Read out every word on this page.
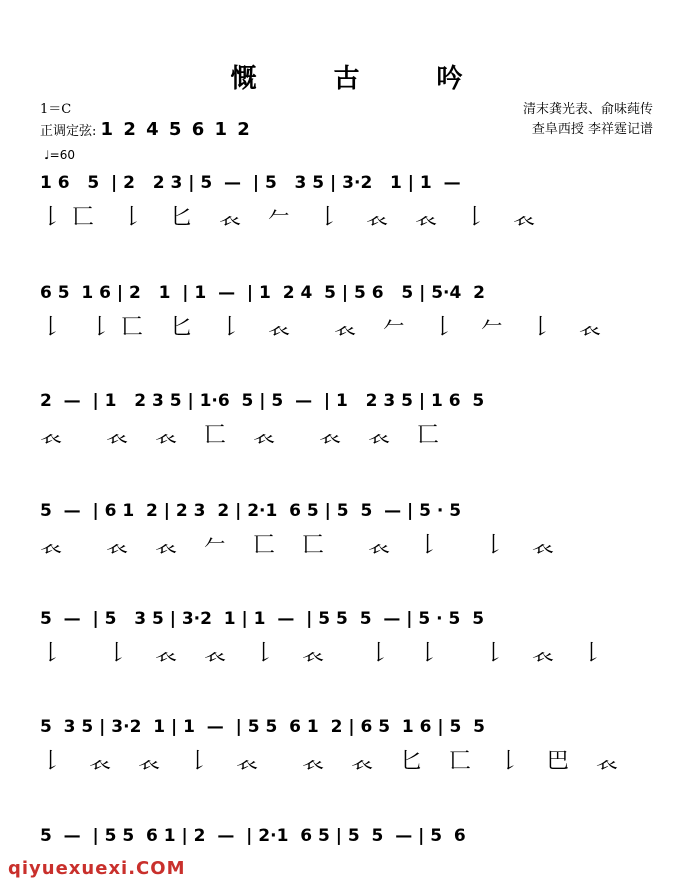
慨 古 吟
1＝C
正调定弦: 1 2 4 5 6 1 2
♩=60
清末龚光表、俞味莼传
查阜西授 李祥霆记谱
1 6   5  | 2   2 3 | 5  —  | 5   3 5 | 3·2   1 | 1  —
𠄌匸 𠄌 匕 𧘇 𠂉 𠄌 𧘇 𧘇 𠄌 𧘇
6 5  1 6 | 2   1  | 1  —  | 1  2 4  5 | 5 6   5 | 5·4  2
𠄌 𠄌匸 匕 𠄌 𧘇  𧘇 𠂉 𠄌 𠂉 𠄌 𧘇
2  —  | 1   2 3 5 | 1·6  5 | 5  —  | 1   2 3 5 | 1 6  5
𧘇  𧘇 𧘇 匸 𧘇  𧘇 𧘇 匸
5  —  | 6 1  2 | 2 3  2 | 2·1  6 5 | 5  5  — | 5 · 5
𧘇  𧘇 𧘇 𠂉 匸 匸  𧘇 𠄌  𠄌 𧘇
5  —  | 5   3 5 | 3·2  1 | 1  —  | 5 5  5  — | 5 · 5  5
𠄌  𠄌 𧘇 𧘇 𠄌 𧘇  𠄌 𠄌  𠄌 𧘇 𠄌
5  3 5 | 3·2  1 | 1  —  | 5 5  6 1  2 | 6 5  1 6 | 5  5
𠄌 𧘇 𧘇 𠄌 𧘇  𧘇 𧘇 匕 匸 𠄌 巴 𧘇
5  —  | 5 5  6 1 | 2  —  | 2·1  6 5 | 5  5  — | 5  6
qiyuexuexi.COM
